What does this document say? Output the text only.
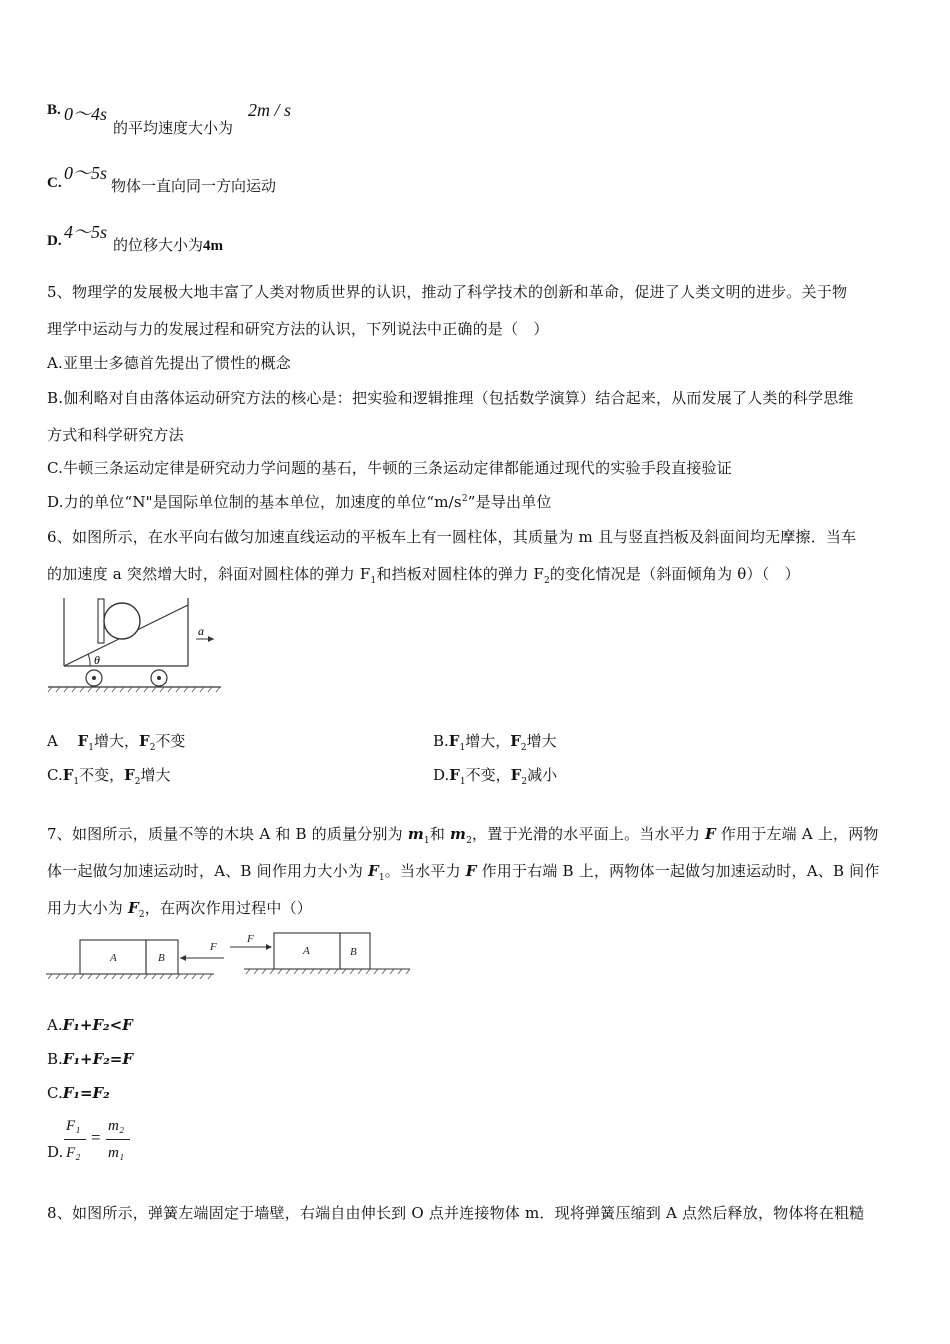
B. 0～4s
的平均速度大小为
2m / s
C. 0～5s
物体一直向同一方向运动
D. 4～5s
的位移大小为4m
5、物理学的发展极大地丰富了人类对物质世界的认识，推动了科学技术的创新和革命，促进了人类文明的进步。关于物
理学中运动与力的发展过程和研究方法的认识，下列说法中正确的是（　）
A.亚里士多德首先提出了惯性的概念
B.伽利略对自由落体运动研究方法的核心是：把实验和逻辑推理（包括数学演算）结合起来，从而发展了人类的科学思维
方式和科学研究方法
C.牛顿三条运动定律是研究动力学问题的基石，牛顿的三条运动定律都能通过现代的实验手段直接验证
D.力的单位“N"是国际单位制的基本单位，加速度的单位“$m/s^2$”是导出单位
6、如图所示，在水平向右做匀加速直线运动的平板车上有一圆柱体，其质量为 m 且与竖直挡板及斜面间均无摩擦．当车
的加速度 a 突然增大时，斜面对圆柱体的弹力 $F_1$和挡板对圆柱体的弹力 $F_2$的变化情况是（斜面倾角为 θ）（　）
θ
a
A　 $F_1$增大，$F_2$不变	$B.F_1$增大，$F_2$增大
$C.F_1$不变，$F_2$增大	$D.F_1$不变，$F_2$减小
7、如图所示，质量不等的木块 A 和 B 的质量分别为 $m_1$和 $m_2$，置于光滑的水平面上。当水平力 F 作用于左端 A 上，两物
体一起做匀加速运动时，A、B 间作用力大小为 $F_1$。当水平力 F 作用于右端 B 上，两物体一起做匀加速运动时，A、B 间作
用力大小为 $F_2$，在两次作用过程中（）
A	B
F
F
A	B
A.F₁+F₂<F
B.F₁+F₂=F
C.F₁=F₂
D.
F₁
F₂
=
m₂
m₁
8、如图所示，弹簧左端固定于墙壁，右端自由伸长到 O 点并连接物体 m．现将弹簧压缩到 A 点然后释放，物体将在粗糙
